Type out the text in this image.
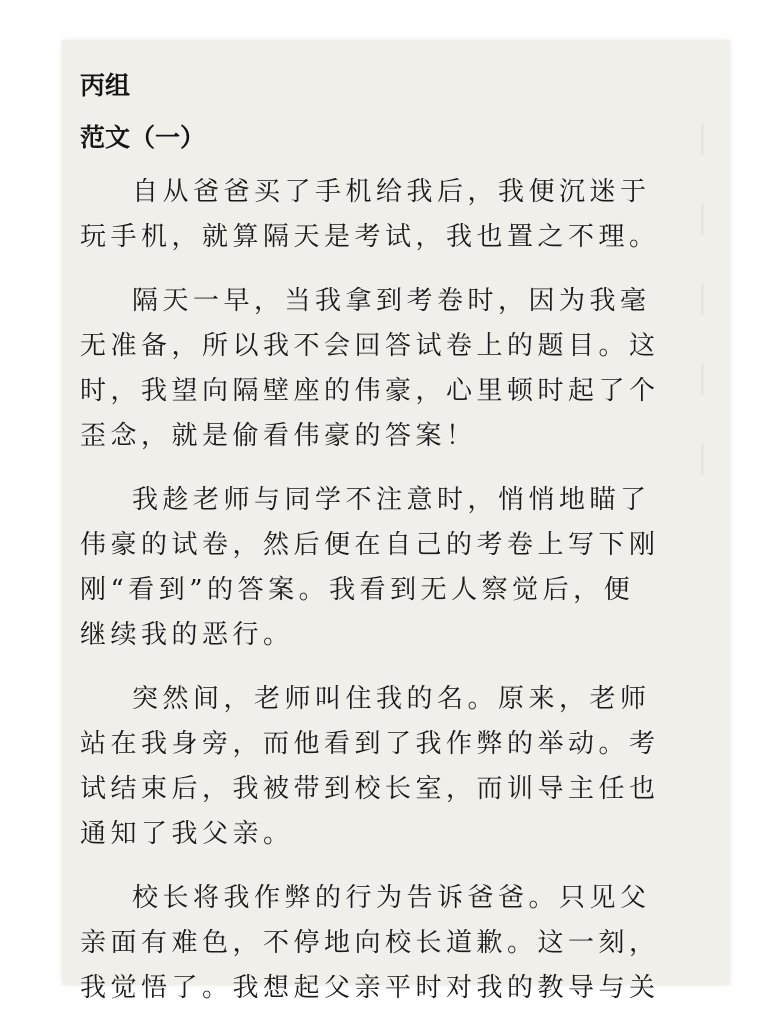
│
│
│
│
│
丙组
范文（一）

自从爸爸买了手机给我后，我便沉迷于
玩手机，就算隔天是考试，我也置之不理。

隔天一早，当我拿到考卷时，因为我毫
无准备，所以我不会回答试卷上的题目。这
时，我望向隔壁座的伟豪，心里顿时起了个
歪念，就是偷看伟豪的答案！

我趁老师与同学不注意时，悄悄地瞄了
伟豪的试卷，然后便在自己的考卷上写下刚
刚“看到”的答案。我看到无人察觉后，便
继续我的恶行。

突然间，老师叫住我的名。原来，老师
站在我身旁，而他看到了我作弊的举动。考
试结束后，我被带到校长室，而训导主任也
通知了我父亲。

校长将我作弊的行为告诉爸爸。只见父
亲面有难色，不停地向校长道歉。这一刻，
我觉悟了。我想起父亲平时对我的教导与关
